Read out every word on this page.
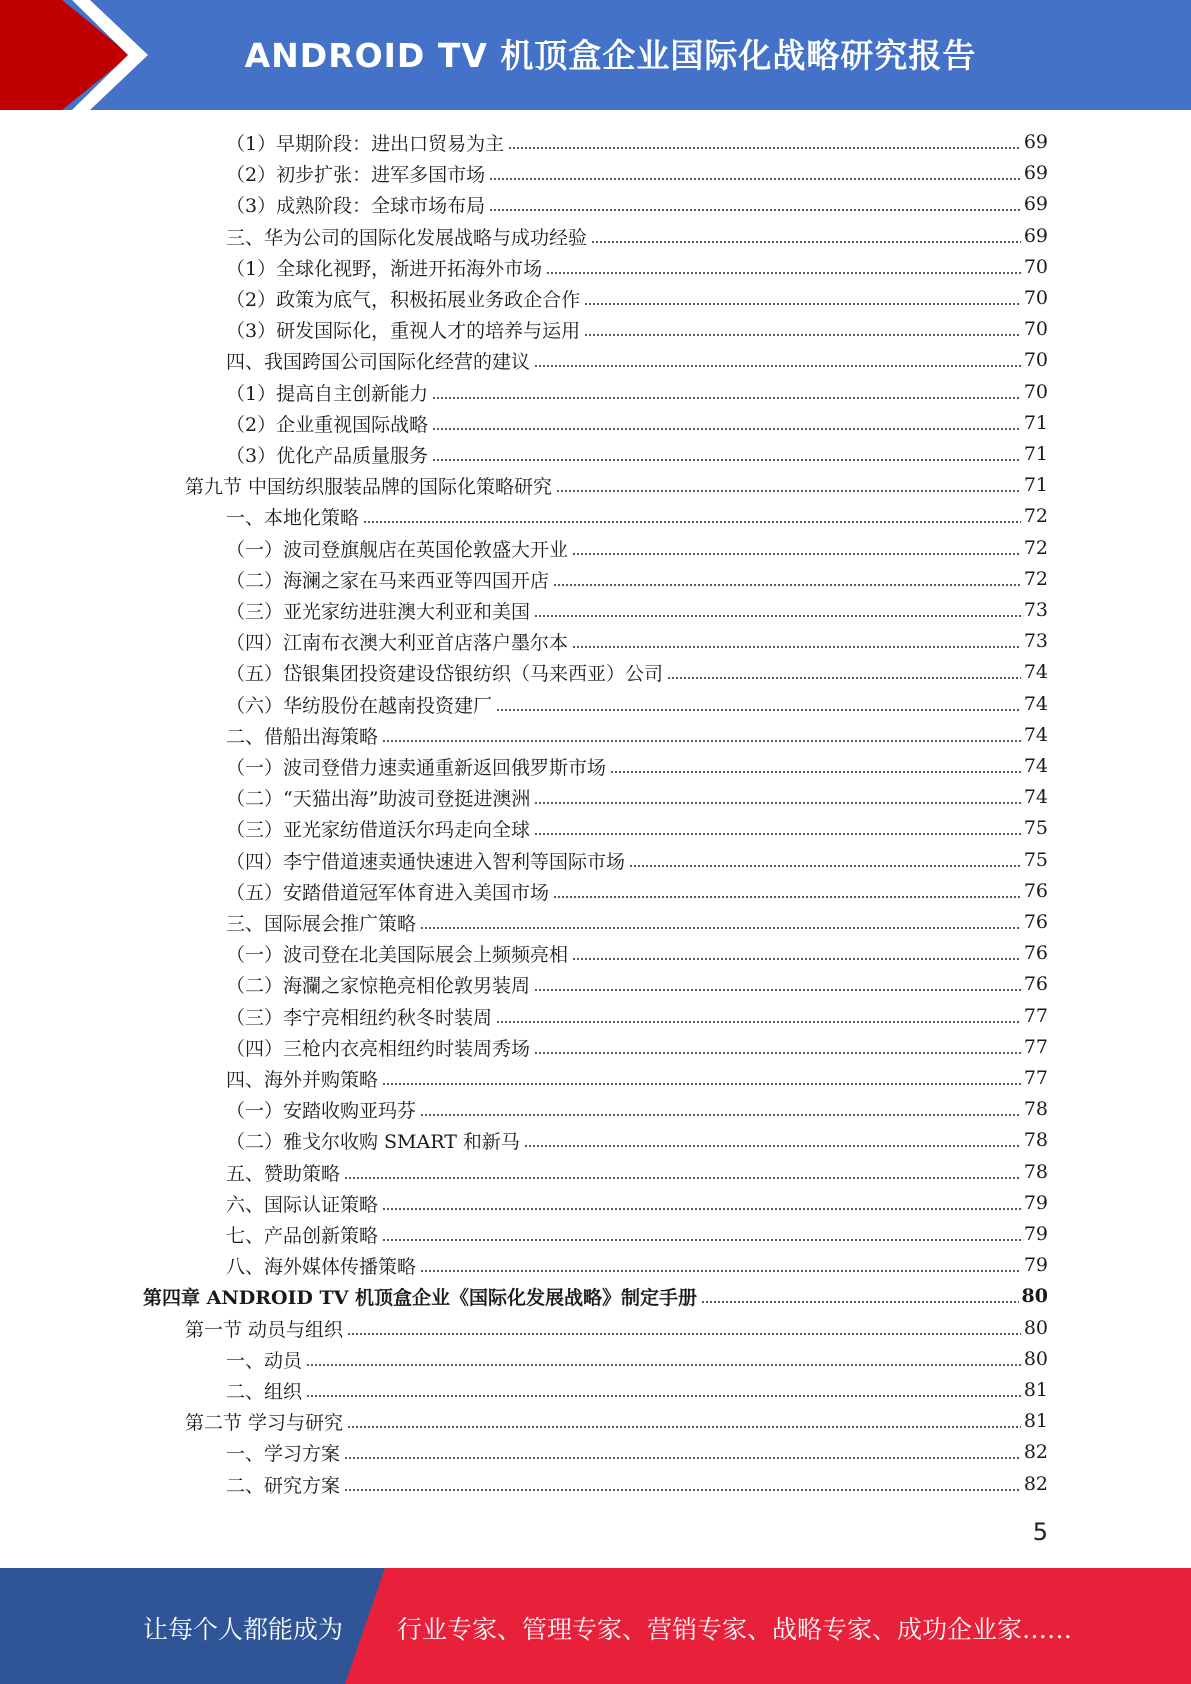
ANDROID TV 机顶盒企业国际化战略研究报告
（1）早期阶段：进出口贸易为主	69
（2）初步扩张：进军多国市场	69
（3）成熟阶段：全球市场布局	69
三、华为公司的国际化发展战略与成功经验	69
（1）全球化视野，渐进开拓海外市场	70
（2）政策为底气，积极拓展业务政企合作	70
（3）研发国际化，重视人才的培养与运用	70
四、我国跨国公司国际化经营的建议	70
（1）提高自主创新能力	70
（2）企业重视国际战略	71
（3）优化产品质量服务	71
第九节 中国纺织服装品牌的国际化策略研究	71
一、本地化策略	72
（一）波司登旗舰店在英国伦敦盛大开业	72
（二）海澜之家在马来西亚等四国开店	72
（三）亚光家纺进驻澳大利亚和美国	73
（四）江南布衣澳大利亚首店落户墨尔本	73
（五）岱银集团投资建设岱银纺织（马来西亚）公司	74
（六）华纺股份在越南投资建厂	74
二、借船出海策略	74
（一）波司登借力速卖通重新返回俄罗斯市场	74
（二）“天猫出海”助波司登挺进澳洲	74
（三）亚光家纺借道沃尔玛走向全球	75
（四）李宁借道速卖通快速进入智利等国际市场	75
（五）安踏借道冠军体育进入美国市场	76
三、国际展会推广策略	76
（一）波司登在北美国际展会上频频亮相	76
（二）海瀾之家惊艳亮相伦敦男装周	76
（三）李宁亮相纽约秋冬时装周	77
（四）三枪内衣亮相纽约时装周秀场	77
四、海外并购策略	77
（一）安踏收购亚玛芬	78
（二）雅戈尔收购 SMART 和新马	78
五、赞助策略	78
六、国际认证策略	79
七、产品创新策略	79
八、海外媒体传播策略	79
第四章 ANDROID TV 机顶盒企业《国际化发展战略》制定手册	80
第一节 动员与组织	80
一、动员	80
二、组织	81
第二节 学习与研究	81
一、学习方案	82
二、研究方案	82
5
让每个人都能成为 行业专家、管理专家、营销专家、战略专家、成功企业家……
